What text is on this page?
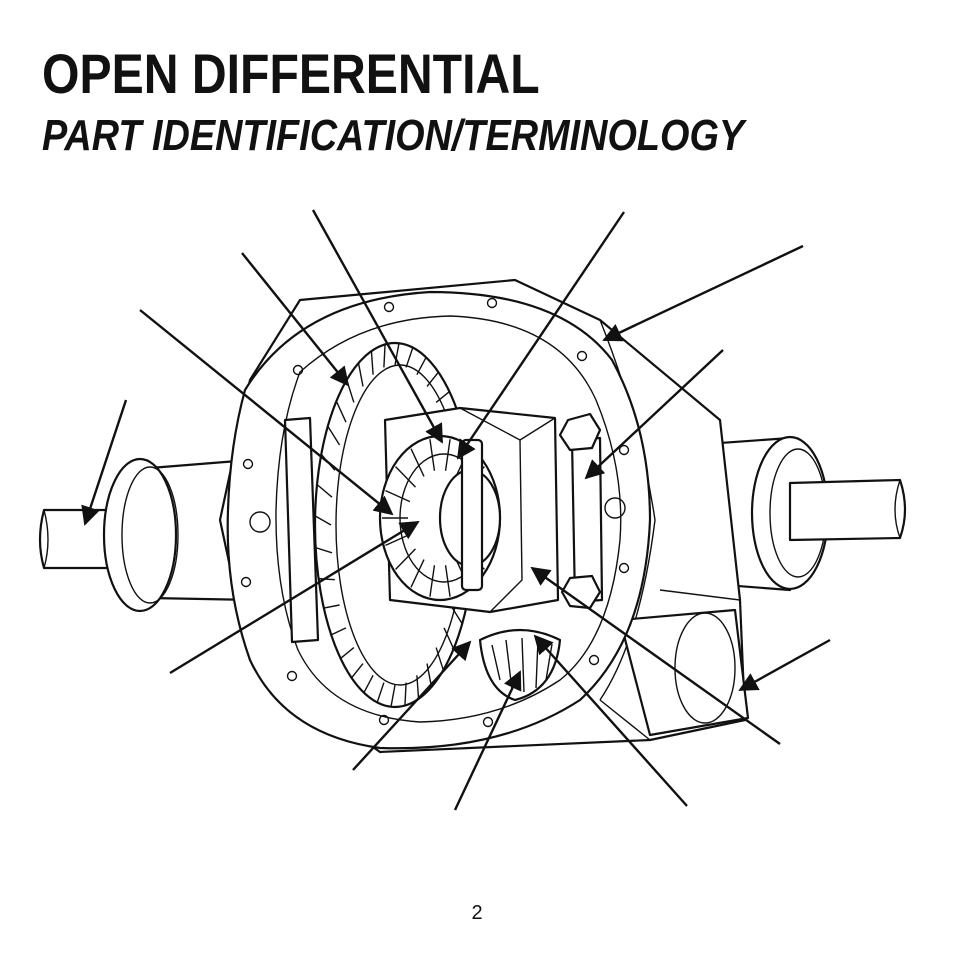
OPEN DIFFERENTIAL
PART IDENTIFICATION/TERMINOLOGY
2
